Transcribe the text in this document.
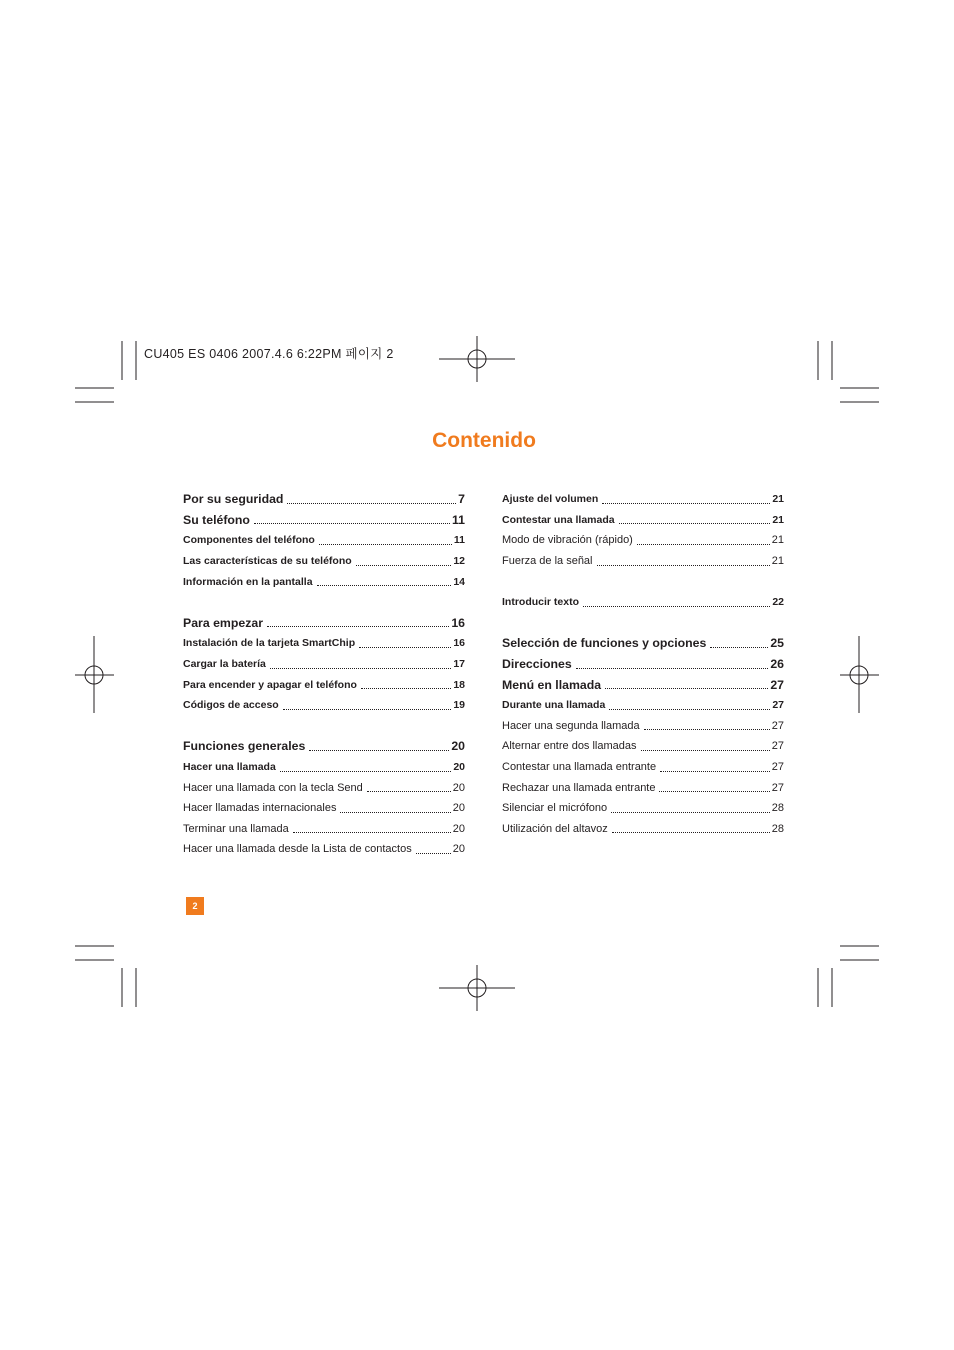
CU405 ES 0406 2007.4.6 6:22PM 페이지 2
Contenido
Por su seguridad	7
Su teléfono	11
Componentes del teléfono	11
Las características de su teléfono	12
Información en la pantalla	14
Para empezar	16
Instalación de la tarjeta SmartChip	16
Cargar la batería	17
Para encender y apagar el teléfono	18
Códigos de acceso	19
Funciones generales	20
Hacer una llamada	20
Hacer una llamada con la tecla Send	20
Hacer llamadas internacionales	20
Terminar una llamada	20
Hacer una llamada desde la Lista de contactos	20
Ajuste del volumen	21
Contestar una llamada	21
Modo de vibración (rápido)	21
Fuerza de la señal	21
Introducir texto	22
Selección de funciones y opciones	25
Direcciones	26
Menú en llamada	27
Durante una llamada	27
Hacer una segunda llamada	27
Alternar entre dos llamadas	27
Contestar una llamada entrante	27
Rechazar una llamada entrante	27
Silenciar el micrófono	28
Utilización del altavoz	28
2
